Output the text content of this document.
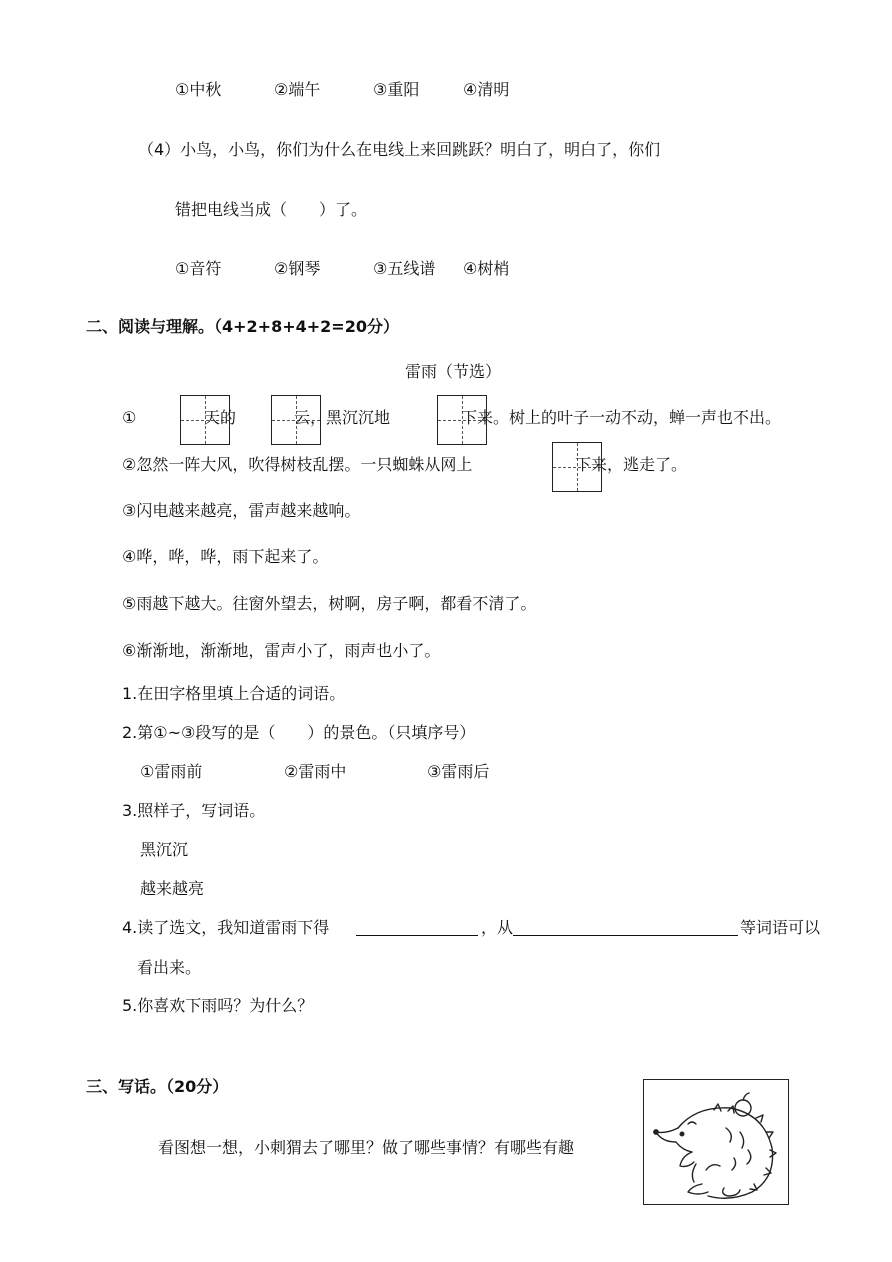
①中秋	②端午	③重阳	④清明
（4）小鸟，小鸟，你们为什么在电线上来回跳跃？明白了，明白了，你们
错把电线当成（　　）了。
①音符	②钢琴	③五线谱 ④树梢
二、阅读与理解。（4+2+8+4+2=20分）
雷雨（节选）
①	天的	云，黑沉沉地	下来。树上的叶子一动不动，蝉一声也不出。
②忽然一阵大风，吹得树枝乱摆。一只蜘蛛从网上	下来，逃走了。
③闪电越来越亮，雷声越来越响。
④哗，哗，哗，雨下起来了。
⑤雨越下越大。往窗外望去，树啊，房子啊，都看不清了。
⑥渐渐地，渐渐地，雷声小了，雨声也小了。
1.在田字格里填上合适的词语。
2.第①~③段写的是（　　）的景色。（只填序号）
①雷雨前	②雷雨中	③雷雨后
3.照样子，写词语。
黑沉沉
越来越亮
4.读了选文，我知道雷雨下得	，从	等词语可以
看出来。
5.你喜欢下雨吗？为什么？
三、写话。（20分）
看图想一想，小刺猬去了哪里？做了哪些事情？有哪些有趣
